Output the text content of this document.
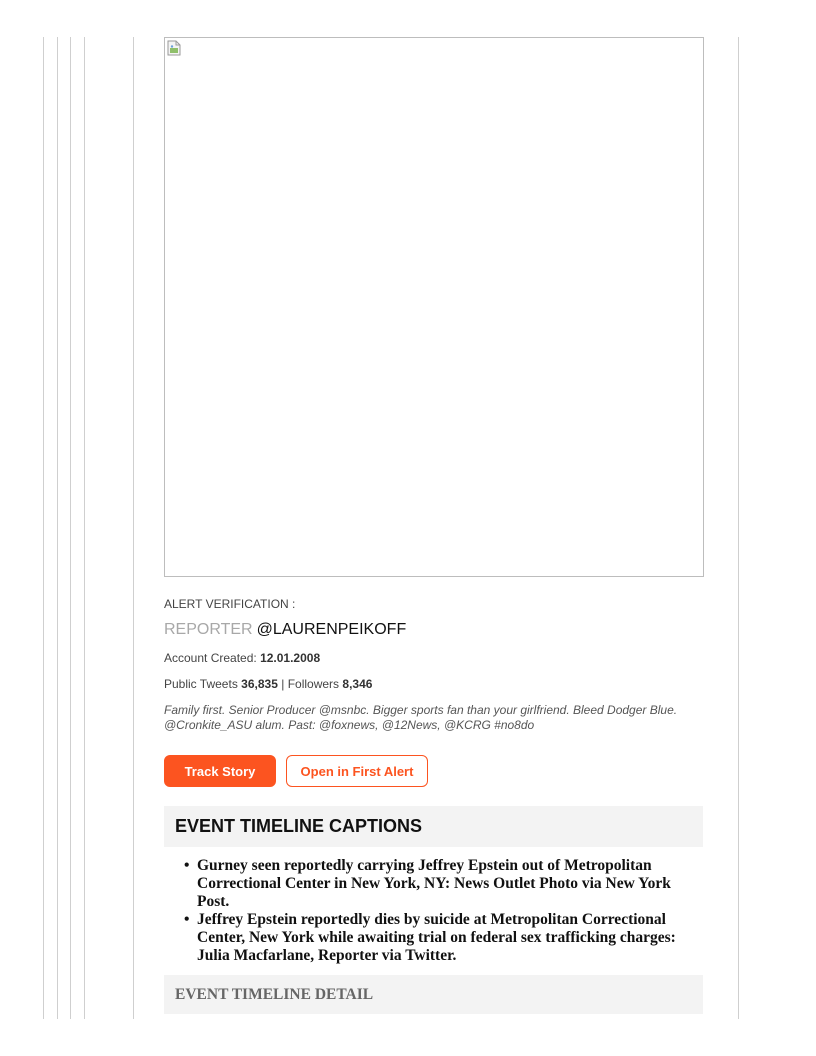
ALERT VERIFICATION :
REPORTER @LAURENPEIKOFF
Account Created: 12.01.2008
Public Tweets 36,835 | Followers 8,346
Family first. Senior Producer @msnbc. Bigger sports fan than your girlfriend. Bleed Dodger Blue.
@Cronkite_ASU alum. Past: @foxnews, @12News, @KCRG #no8do
Track Story	Open in First Alert
EVENT TIMELINE CAPTIONS
• Gurney seen reportedly carrying Jeffrey Epstein out of Metropolitan Correctional Center in New York, NY: News Outlet Photo via New York Post.
• Jeffrey Epstein reportedly dies by suicide at Metropolitan Correctional Center, New York while awaiting trial on federal sex trafficking charges: Julia Macfarlane, Reporter via Twitter.
EVENT TIMELINE DETAIL
